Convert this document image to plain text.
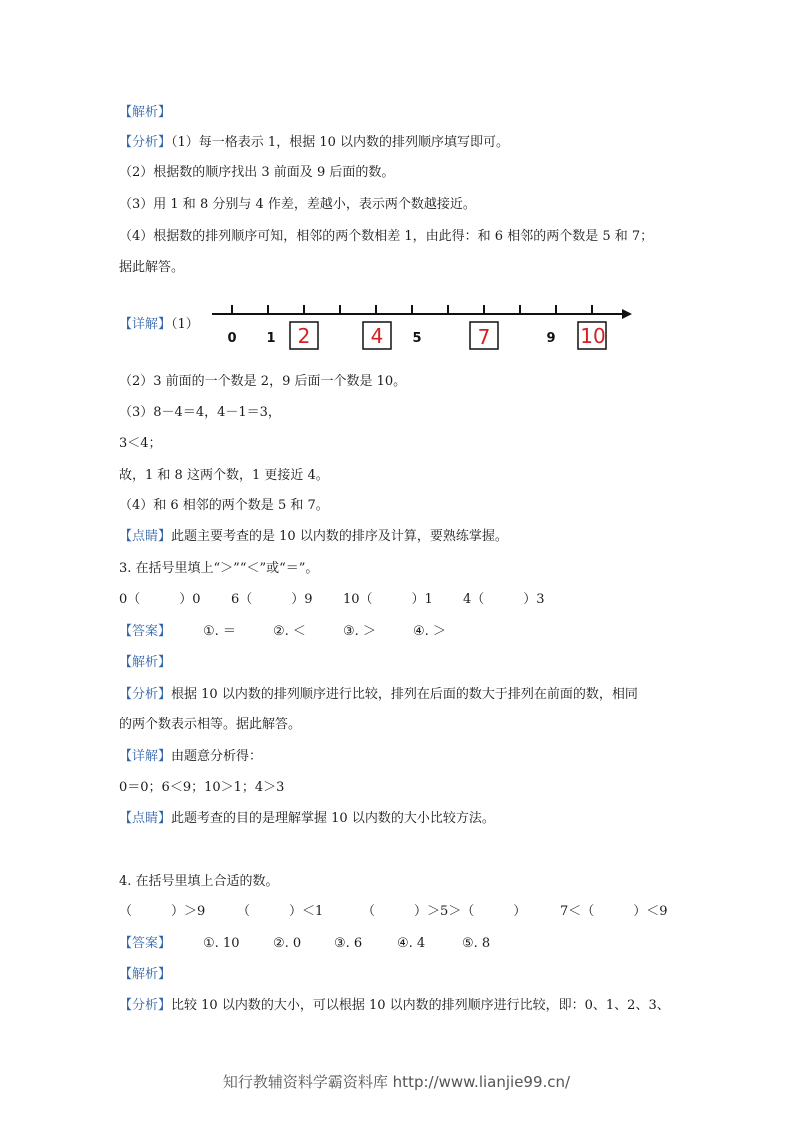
【解析】
【分析】（1）每一格表示 1，根据 10 以内数的排列顺序填写即可。
（2）根据数的顺序找出 3 前面及 9 后面的数。
（3）用 1 和 8 分别与 4 作差，差越小，表示两个数越接近。
（4）根据数的排列顺序可知，相邻的两个数相差 1，由此得：和 6 相邻的两个数是 5 和 7；
据此解答。
【详解】（1）
0 1	5	9
2	4	7	10
（2）3 前面的一个数是 2，9 后面一个数是 10。
（3）8－4＝4，4－1＝3，
3＜4；
故，1 和 8 这两个数，1 更接近 4。
（4）和 6 相邻的两个数是 5 和 7。
【点睛】此题主要考查的是 10 以内数的排序及计算，要熟练掌握。
3. 在括号里填上“＞”“＜”或“＝”。
0（　　　）0 6（　　　）9 10（　　　）1 4（　　　）3
【答案】 ①. ＝	②. ＜	③. ＞	④. ＞
【解析】
【分析】根据 10 以内数的排列顺序进行比较，排列在后面的数大于排列在前面的数，相同
的两个数表示相等。据此解答。
【详解】由题意分析得：
0＝0；6＜9；10＞1；4＞3
【点睛】此题考查的目的是理解掌握 10 以内数的大小比较方法。
4. 在括号里填上合适的数。
（　　　）＞9 （　　　）＜1	（　　　）＞5＞（　　　）	7＜（　　　）＜9
【答案】 ①. 10	②. 0	③. 6	④. 4	⑤. 8
【解析】
【分析】比较 10 以内数的大小，可以根据 10 以内数的排列顺序进行比较，即：0、1、2、3、
知行教辅资料学霸资料库 http://www.lianjie99.cn/
